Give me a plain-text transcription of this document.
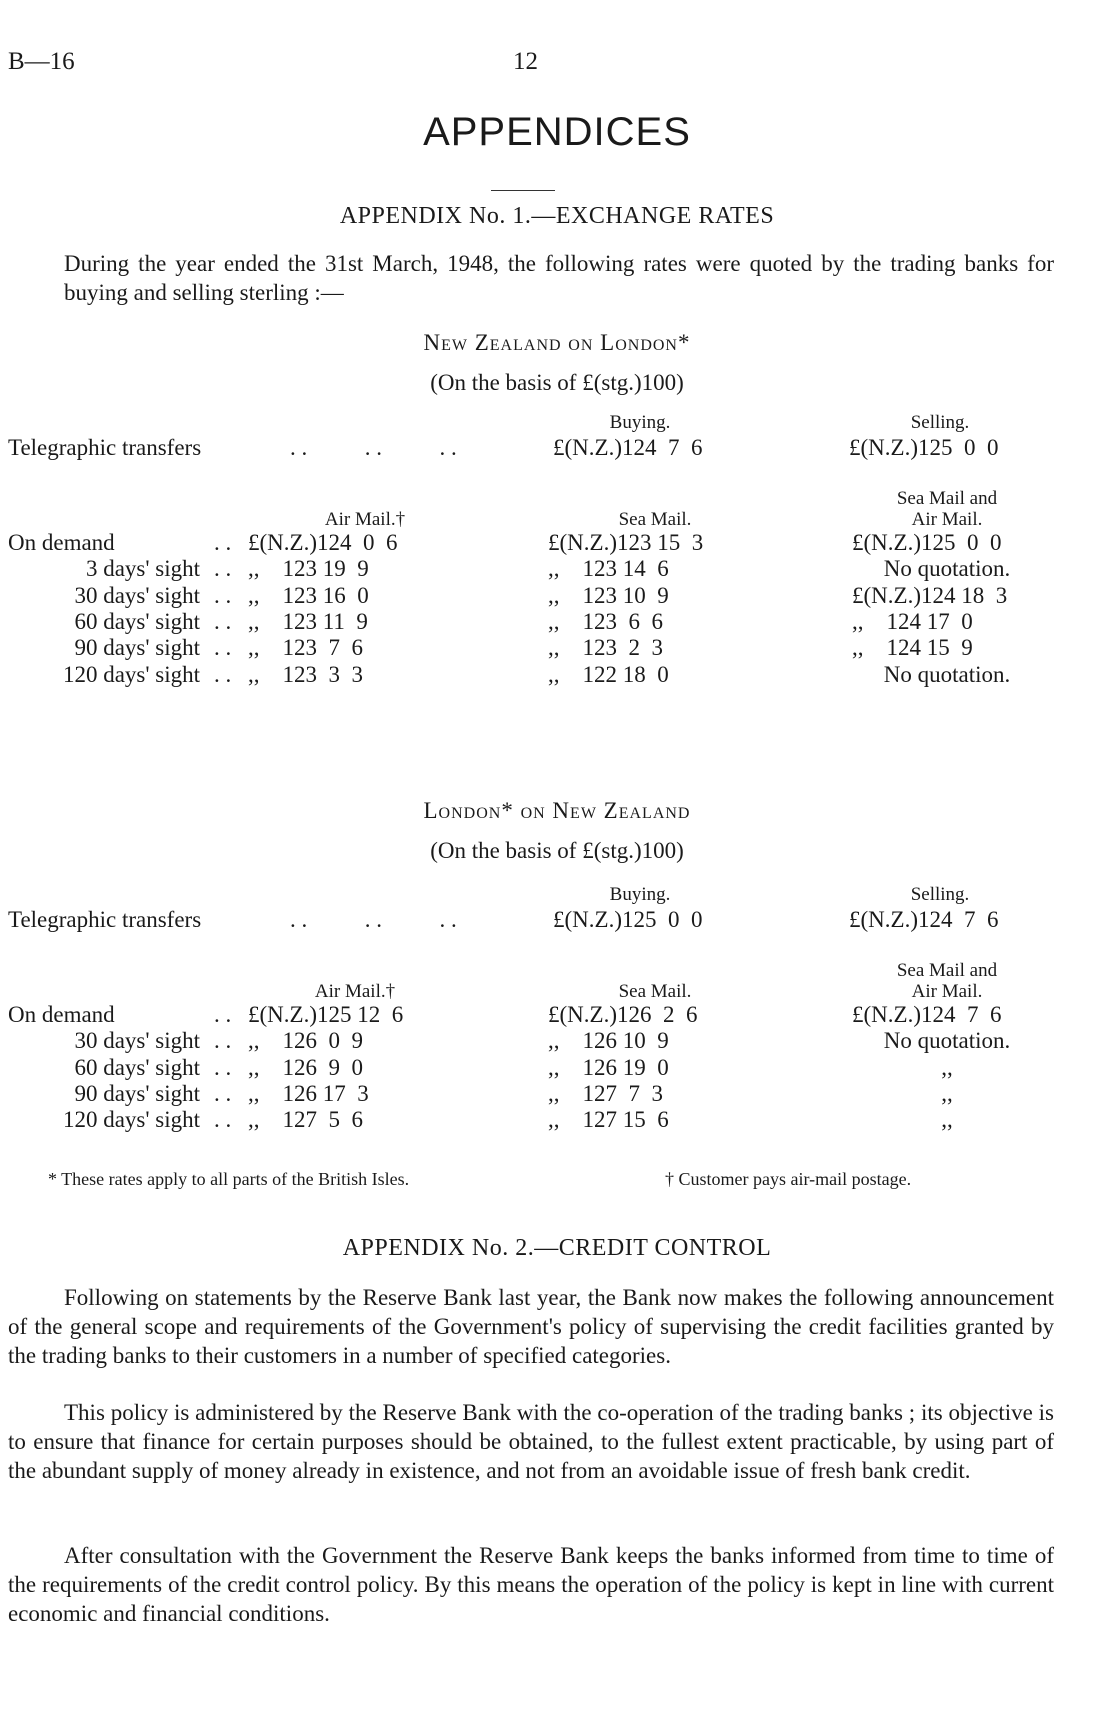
B—16	12
APPENDICES
APPENDIX No. 1.—EXCHANGE RATES
During the year ended the 31st March, 1948, the following rates were quoted by the trading banks for buying and selling sterling :—
New Zealand on London*
(On the basis of £(stg.)100)
Buying.	Selling.
Telegraphic transfers	. .          . .          . .	£(N.Z.)124  7  6	£(N.Z.)125  0  0
Sea Mail and
Air Mail.†	Sea Mail.	Air Mail.
On demand	. . £(N.Z.)124  0  6	£(N.Z.)123 15  3	£(N.Z.)125  0  0
3 days' sight . . ,,    123 19  9	,,    123 14  6	No quotation.
30 days' sight . . ,,    123 16  0	,,    123 10  9	£(N.Z.)124 18  3
60 days' sight . . ,,    123 11  9	,,    123  6  6	,,    124 17  0
90 days' sight . . ,,    123  7  6	,,    123  2  3	,,    124 15  9
120 days' sight . . ,,    123  3  3	,,    122 18  0	No quotation.
London* on New Zealand
(On the basis of £(stg.)100)
Buying.	Selling.
Telegraphic transfers	. .          . .          . .	£(N.Z.)125  0  0	£(N.Z.)124  7  6
Sea Mail and
Air Mail.†	Sea Mail.	Air Mail.
On demand	. . £(N.Z.)125 12  6	£(N.Z.)126  2  6	£(N.Z.)124  7  6
30 days' sight . . ,,    126  0  9	,,    126 10  9	No quotation.
60 days' sight . . ,,    126  9  0	,,    126 19  0	,,
90 days' sight . . ,,    126 17  3	,,    127  7  3	,,
120 days' sight . . ,,    127  5  6	,,    127 15  6	,,
* These rates apply to all parts of the British Isles.	† Customer pays air-mail postage.
APPENDIX No. 2.—CREDIT CONTROL
Following on statements by the Reserve Bank last year, the Bank now makes the following announcement of the general scope and requirements of the Government's policy of supervising the credit facilities granted by the trading banks to their customers in a number of specified categories.
This policy is administered by the Reserve Bank with the co-operation of the trading banks ; its objective is to ensure that finance for certain purposes should be obtained, to the fullest extent practicable, by using part of the abundant supply of money already in existence, and not from an avoidable issue of fresh bank credit.
After consultation with the Government the Reserve Bank keeps the banks informed from time to time of the requirements of the credit control policy. By this means the operation of the policy is kept in line with current economic and financial conditions.
